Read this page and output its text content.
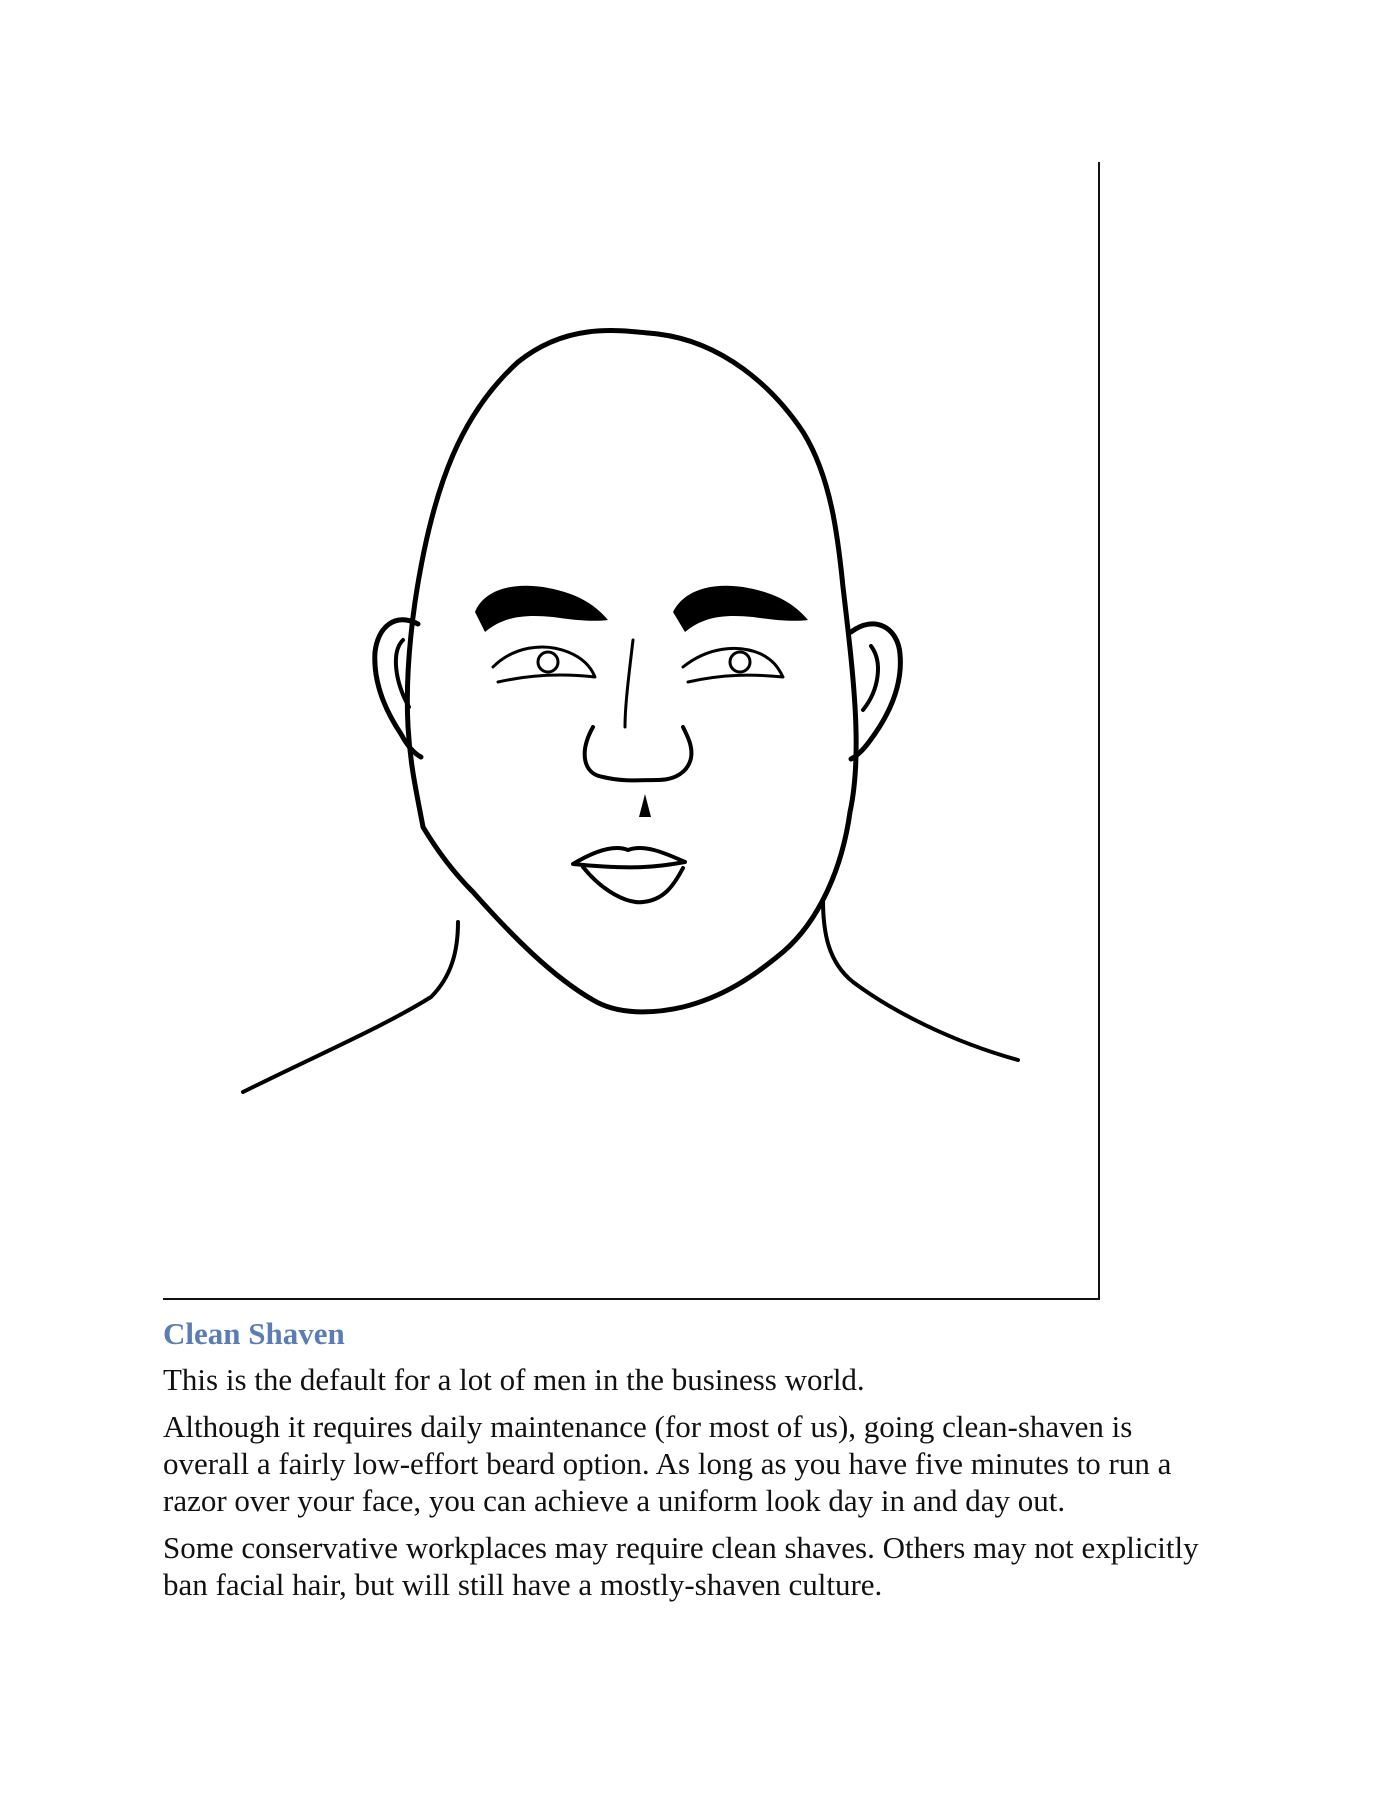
Clean Shaven

This is the default for a lot of men in the business world.

Although it requires daily maintenance (for most of us), going clean-shaven is overall a fairly low-effort beard option. As long as you have five minutes to run a razor over your face, you can achieve a uniform look day in and day out.

Some conservative workplaces may require clean shaves. Others may not explicitly ban facial hair, but will still have a mostly-shaven culture.
